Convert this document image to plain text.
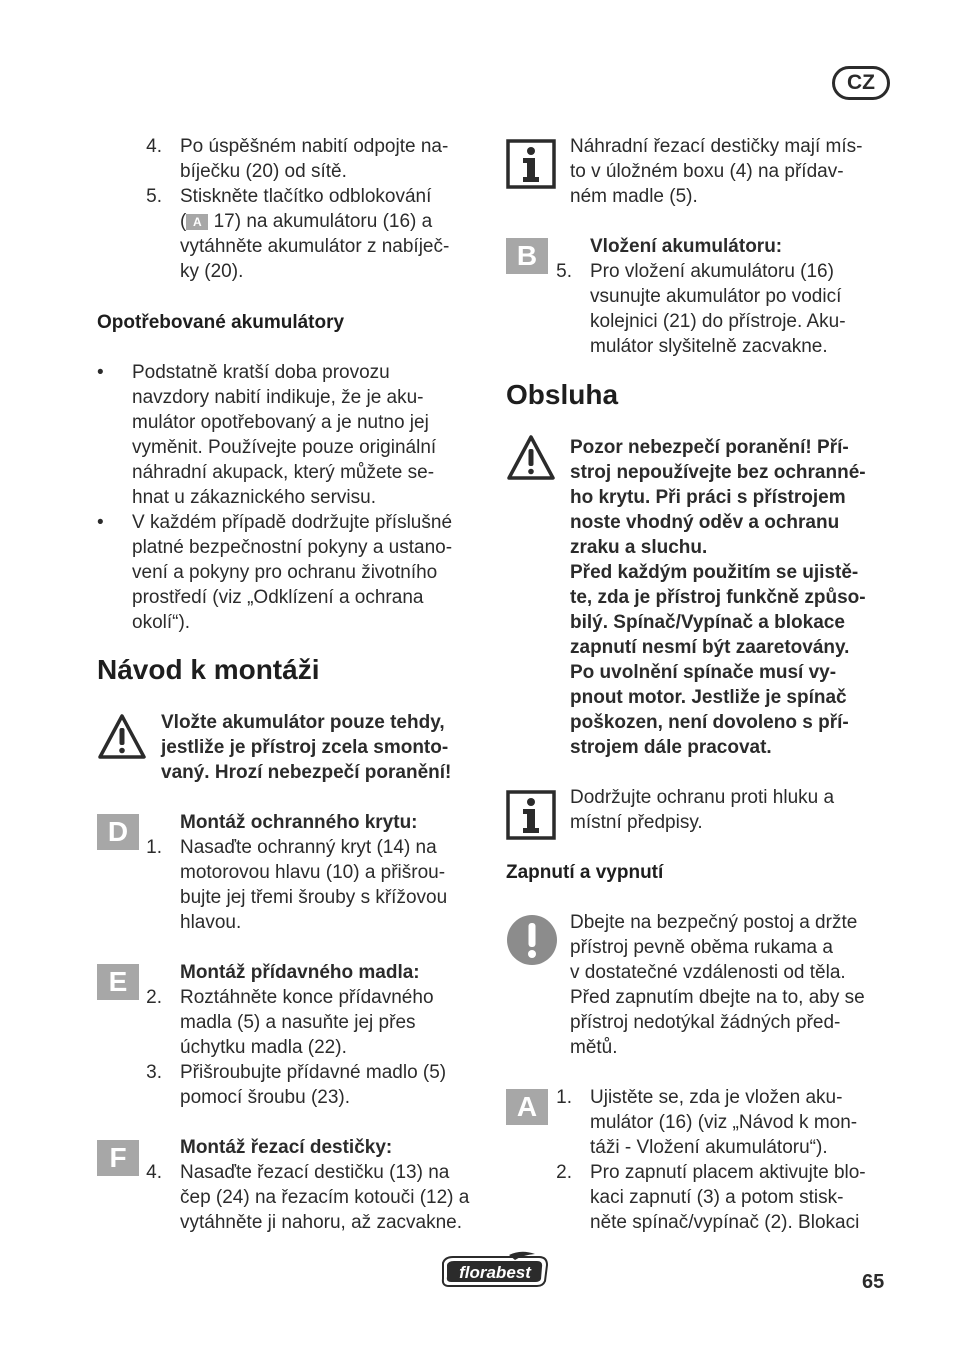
CZ
4. Po úspěšném nabití odpojte na-
bíječku (20) od sítě.
5. Stiskněte tlačítko odblokování
( A 17) na akumulátoru (16) a
vytáhněte akumulátor z nabíječ-
ky (20).
Opotřebované akumulátory
• Podstatně kratší doba provozu
navzdory nabití indikuje, že je aku-
mulátor opotřebovaný a je nutno jej
vyměnit. Používejte pouze originální
náhradní akupack, který můžete se-
hnat u zákaznického servisu.
• V každém případě dodržujte příslušné
platné bezpečnostní pokyny a ustano-
vení a pokyny pro ochranu životního
prostředí (viz „Odklízení a ochrana
okolí“).
Návod k montáži
Vložte akumulátor pouze tehdy,
jestliže je přístroj zcela smonto-
vaný. Hrozí nebezpečí poranění!
D	Montáž ochranného krytu:
1. Nasaďte ochranný kryt (14) na
motorovou hlavu (10) a přišrou-
bujte jej třemi šrouby s křížovou
hlavou.
E	Montáž přídavného madla:
2. Roztáhněte konce přídavného
madla (5) a nasuňte jej přes
úchytku madla (22).
3. Přišroubujte přídavné madlo (5)
pomocí šroubu (23).
F	Montáž řezací destičky:
4. Nasaďte řezací destičku (13) na
čep (24) na řezacím kotouči (12) a
vytáhněte ji nahoru, až zacvakne.
Náhradní řezací destičky mají mís-
to v úložném boxu (4) na přídav-
ném madle (5).
B	Vložení akumulátoru:
5. Pro vložení akumulátoru (16)
vsunujte akumulátor po vodicí
kolejnici (21) do přístroje. Aku-
mulátor slyšitelně zacvakne.
Obsluha
Pozor nebezpečí poranění! Pří-
stroj nepoužívejte bez ochranné-
ho krytu. Při práci s přístrojem
noste vhodný oděv a ochranu
zraku a sluchu.
Před každým použitím se ujistě-
te, zda je přístroj funkčně způso-
bilý. Spínač/Vypínač a blokace
zapnutí nesmí být zaaretovány.
Po uvolnění spínače musí vy-
pnout motor. Jestliže je spínač
poškozen, není dovoleno s pří-
strojem dále pracovat.
Dodržujte ochranu proti hluku a
místní předpisy.
Zapnutí a vypnutí
Dbejte na bezpečný postoj a držte
přístroj pevně oběma rukama a
v dostatečné vzdálenosti od těla.
Před zapnutím dbejte na to, aby se
přístroj nedotýkal žádných před-
mětů.
A	1. Ujistěte se, zda je vložen aku-
mulátor (16) (viz „Návod k mon-
táži - Vložení akumulátoru“).
2. Pro zapnutí placem aktivujte blo-
kaci zapnutí (3) a potom stisk-
něte spínač/vypínač (2). Blokaci
florabest	65
